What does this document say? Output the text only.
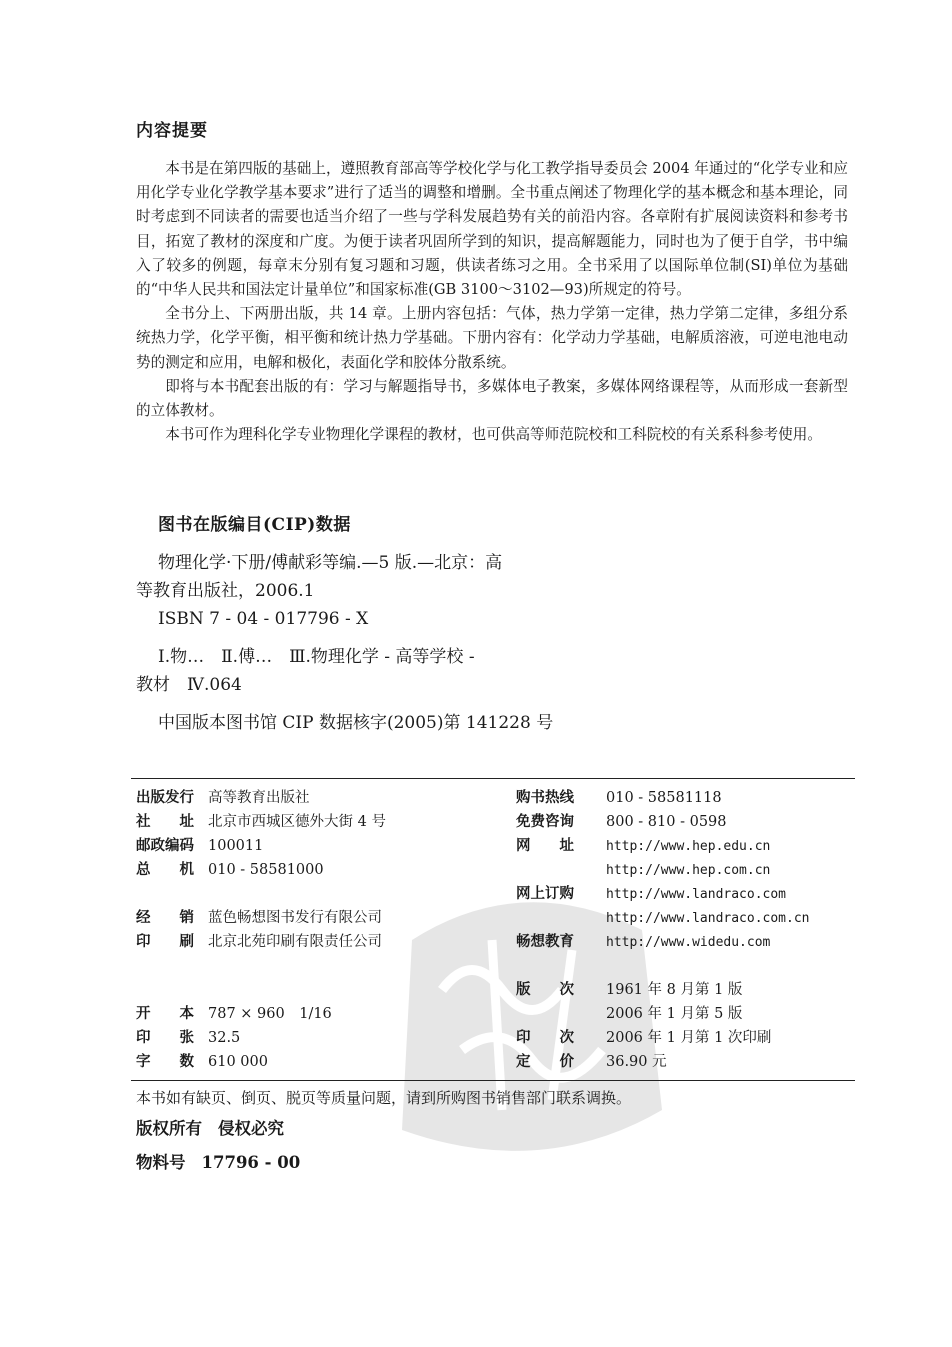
内容提要

本书是在第四版的基础上，遵照教育部高等学校化学与化工教学指导委员会 2004 年通过的“化学专业和应用化学专业化学教学基本要求”进行了适当的调整和增删。全书重点阐述了物理化学的基本概念和基本理论，同时考虑到不同读者的需要也适当介绍了一些与学科发展趋势有关的前沿内容。各章附有扩展阅读资料和参考书目，拓宽了教材的深度和广度。为便于读者巩固所学到的知识，提高解题能力，同时也为了便于自学，书中编入了较多的例题，每章末分别有复习题和习题，供读者练习之用。全书采用了以国际单位制(SI)单位为基础的“中华人民共和国法定计量单位”和国家标准(GB 3100～3102—93)所规定的符号。

全书分上、下两册出版，共 14 章。上册内容包括：气体，热力学第一定律，热力学第二定律，多组分系统热力学，化学平衡，相平衡和统计热力学基础。下册内容有：化学动力学基础，电解质溶液，可逆电池电动势的测定和应用，电解和极化，表面化学和胶体分散系统。

即将与本书配套出版的有：学习与解题指导书，多媒体电子教案，多媒体网络课程等，从而形成一套新型的立体教材。

本书可作为理科化学专业物理化学课程的教材，也可供高等师范院校和工科院校的有关系科参考使用。

图书在版编目(CIP)数据
物理化学·下册/傅献彩等编.—5 版.—北京：高
等教育出版社，2006.1

ISBN 7 - 04 - 017796 - X
Ⅰ.物…　Ⅱ.傅…　Ⅲ.物理化学 - 高等学校 -
教材　Ⅳ.064

中国版本图书馆 CIP 数据核字(2005)第 141228 号
出版发行 高等教育出版社
社　　址 北京市西城区德外大街 4 号
邮政编码 100011
总　　机 010 - 58581000
经　　销 蓝色畅想图书发行有限公司
印　　刷 北京北苑印刷有限责任公司
开　　本 787 × 960　1/16
印　　张 32.5
字　　数 610 000
购书热线 010 - 58581118
免费咨询 800 - 810 - 0598
网　　址 http://www.hep.edu.cn
http://www.hep.com.cn
网上订购 http://www.landraco.com
http://www.landraco.com.cn
畅想教育 http://www.widedu.com
版　　次 1961 年 8 月第 1 版
2006 年 1 月第 5 版
印　　次 2006 年 1 月第 1 次印刷
定　　价 36.90 元
本书如有缺页、倒页、脱页等质量问题，请到所购图书销售部门联系调换。
版权所有 侵权必究
物料号 17796 - 00
